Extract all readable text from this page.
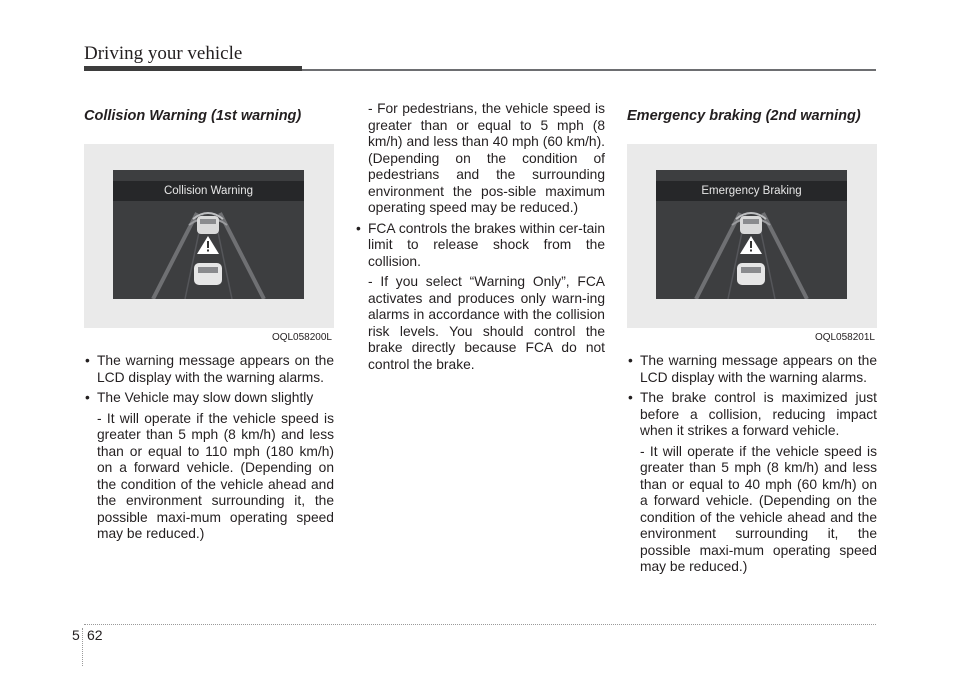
Driving your vehicle

Collision Warning (1st warning)

Collision Warning
OQL058200L

• The warning message appears on the LCD display with the warning alarms.

• The Vehicle may slow down slightly

- It will operate if the vehicle speed is greater than 5 mph (8 km/h) and less than or equal to 110 mph (180 km/h) on a forward vehicle. (Depending on the condition of the vehicle ahead and the environment surrounding it, the possible maxi-mum operating speed may be reduced.)

- For pedestrians, the vehicle speed is greater than or equal to 5 mph (8 km/h) and less than 40 mph (60 km/h). (Depending on the condition of pedestrians and the surrounding environment the pos-sible maximum operating speed may be reduced.)

• FCA controls the brakes within cer-tain limit to release shock from the collision.

- If you select “Warning Only”, FCA activates and produces only warn-ing alarms in accordance with the collision risk levels. You should control the brake directly because FCA do not control the brake.

Emergency braking (2nd warning)

Emergency Braking
OQL058201L

• The warning message appears on the LCD display with the warning alarms.

• The brake control is maximized just before a collision, reducing impact when it strikes a forward vehicle.

- It will operate if the vehicle speed is greater than 5 mph (8 km/h) and less than or equal to 40 mph (60 km/h) on a forward vehicle. (Depending on the condition of the vehicle ahead and the environment surrounding it, the possible maxi-mum operating speed may be reduced.)

5 62
